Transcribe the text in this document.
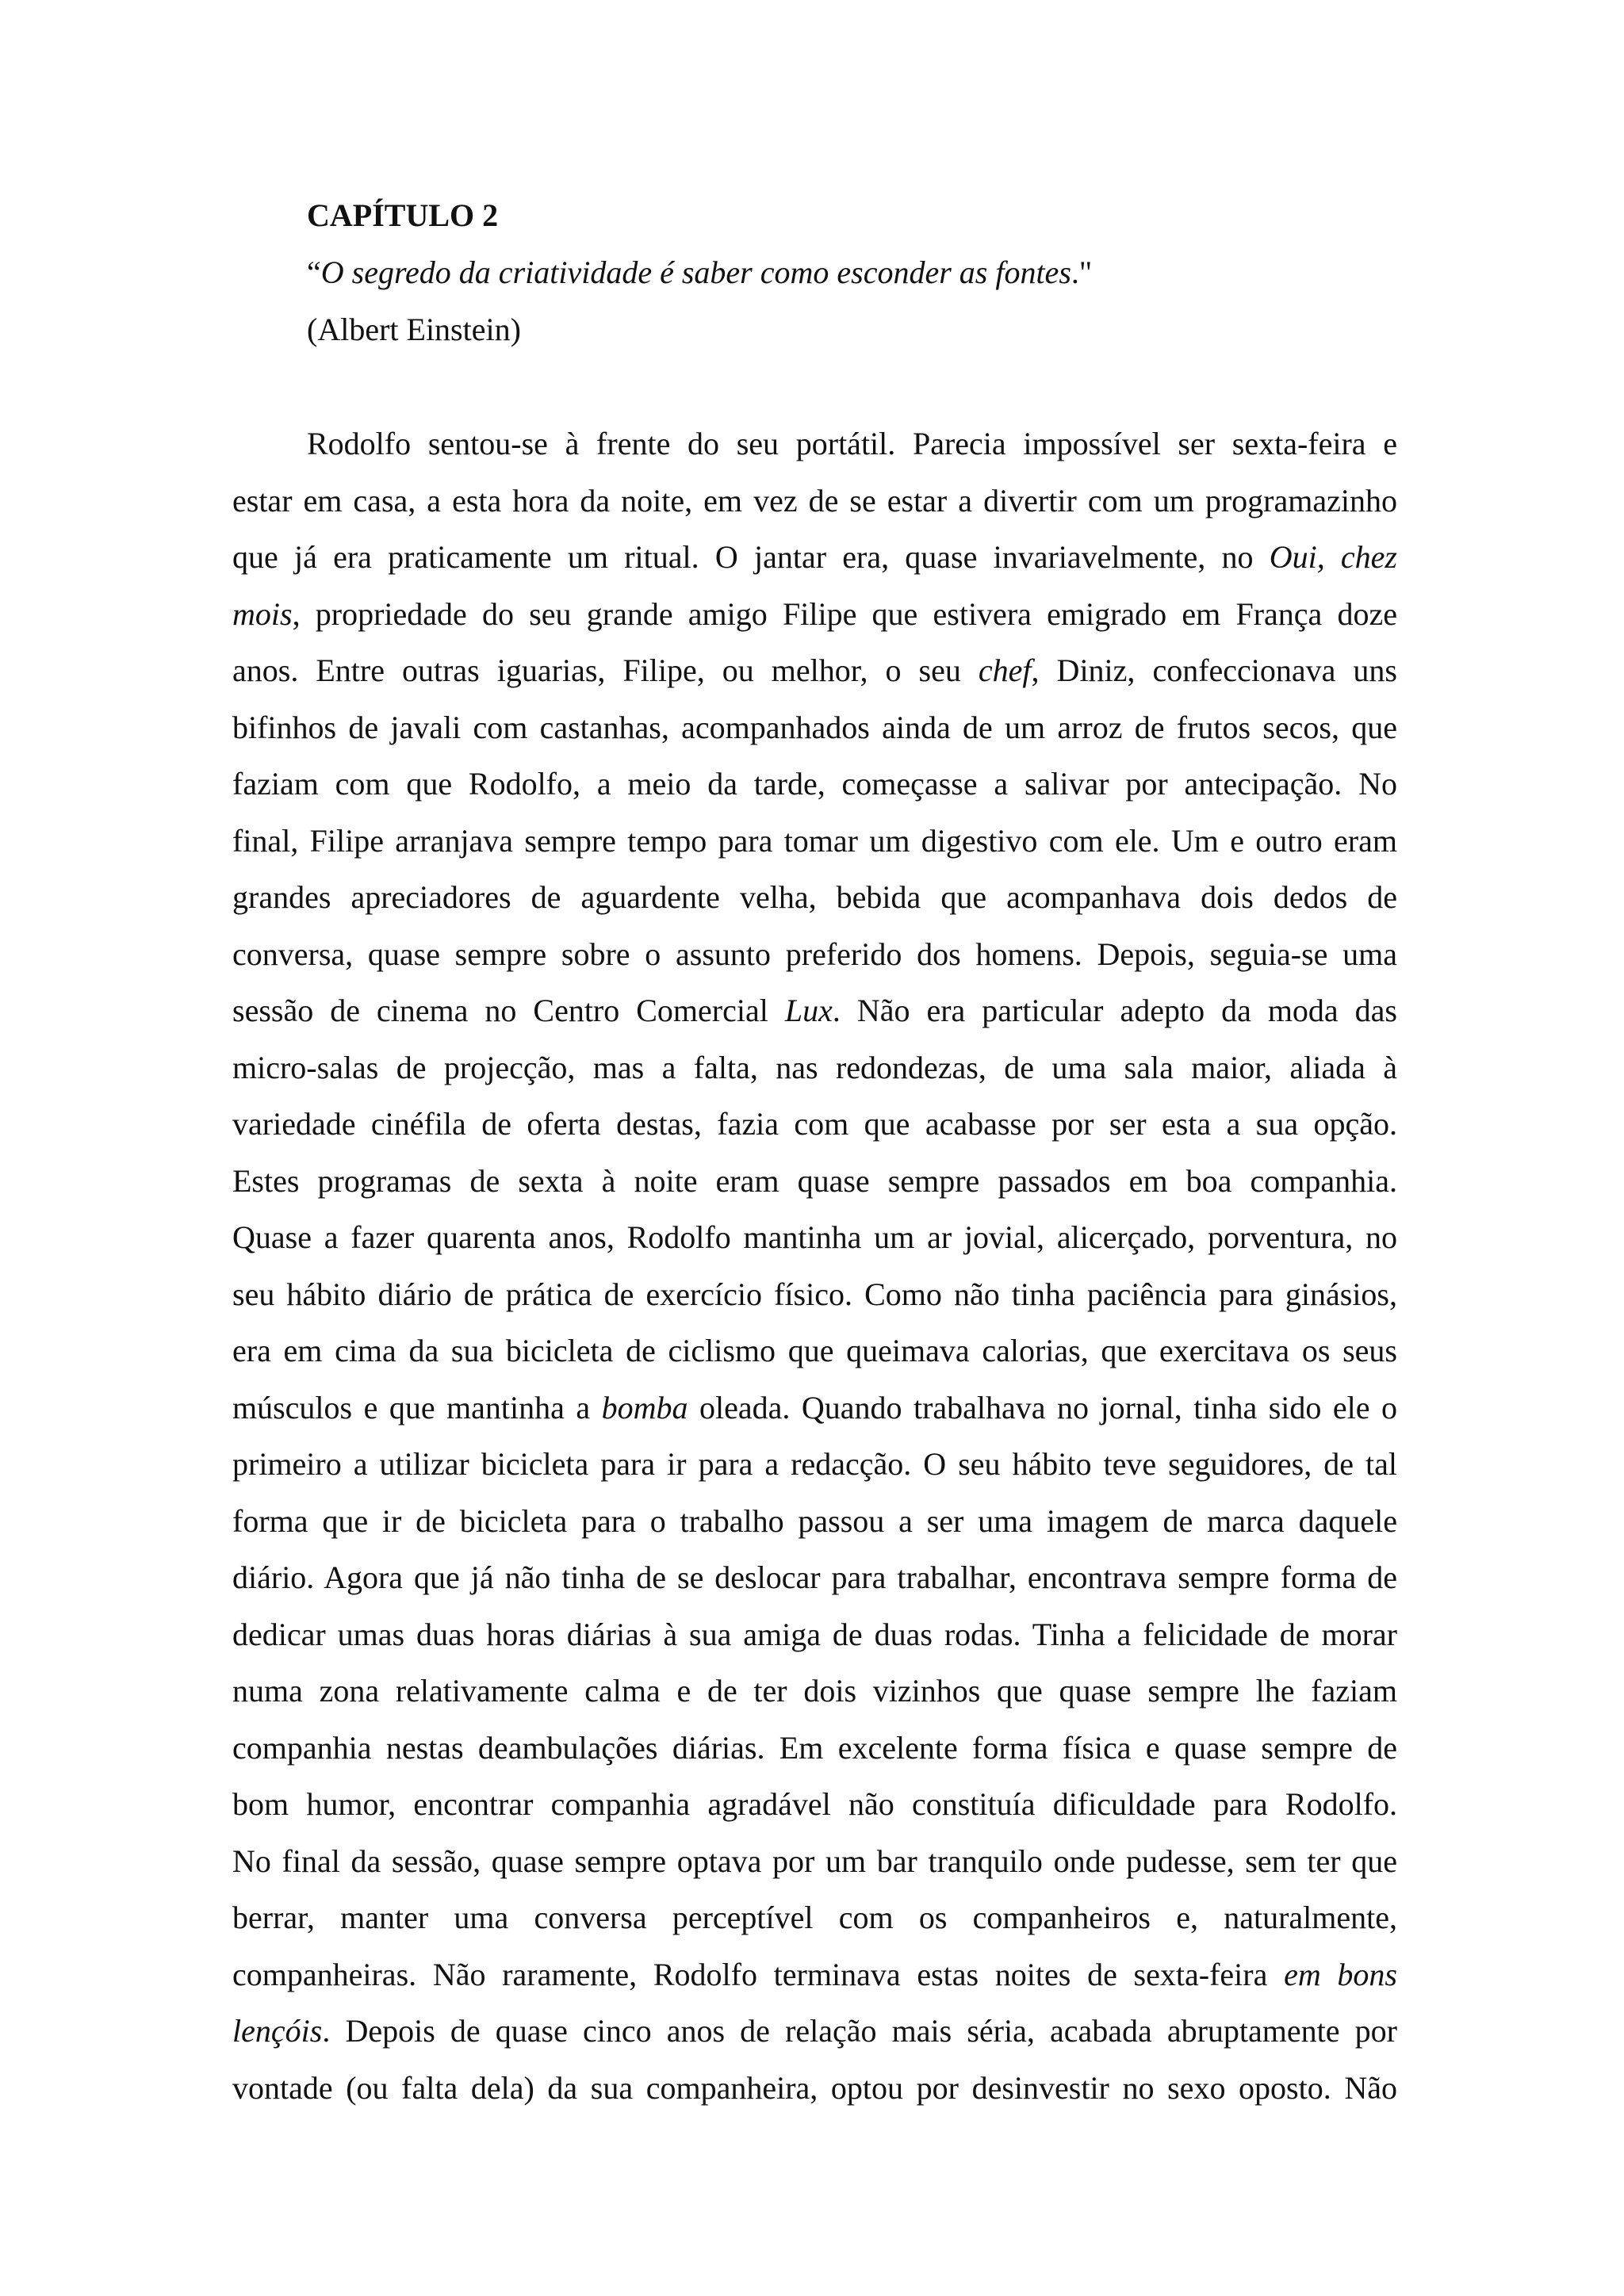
CAPÍTULO 2

“O segredo da criatividade é saber como esconder as fontes."

(Albert Einstein)

Rodolfo sentou-se à frente do seu portátil. Parecia impossível ser sexta-feira e
estar em casa, a esta hora da noite, em vez de se estar a divertir com um programazinho
que já era praticamente um ritual. O jantar era, quase invariavelmente, no Oui, chez
mois, propriedade do seu grande amigo Filipe que estivera emigrado em França doze
anos. Entre outras iguarias, Filipe, ou melhor, o seu chef, Diniz, confeccionava uns
bifinhos de javali com castanhas, acompanhados ainda de um arroz de frutos secos, que
faziam com que Rodolfo, a meio da tarde, começasse a salivar por antecipação. No
final, Filipe arranjava sempre tempo para tomar um digestivo com ele. Um e outro eram
grandes apreciadores de aguardente velha, bebida que acompanhava dois dedos de
conversa, quase sempre sobre o assunto preferido dos homens. Depois, seguia-se uma
sessão de cinema no Centro Comercial Lux. Não era particular adepto da moda das
micro-salas de projecção, mas a falta, nas redondezas, de uma sala maior, aliada à
variedade cinéfila de oferta destas, fazia com que acabasse por ser esta a sua opção.
Estes programas de sexta à noite eram quase sempre passados em boa companhia.
Quase a fazer quarenta anos, Rodolfo mantinha um ar jovial, alicerçado, porventura, no
seu hábito diário de prática de exercício físico. Como não tinha paciência para ginásios,
era em cima da sua bicicleta de ciclismo que queimava calorias, que exercitava os seus
músculos e que mantinha a bomba oleada. Quando trabalhava no jornal, tinha sido ele o
primeiro a utilizar bicicleta para ir para a redacção. O seu hábito teve seguidores, de tal
forma que ir de bicicleta para o trabalho passou a ser uma imagem de marca daquele
diário. Agora que já não tinha de se deslocar para trabalhar, encontrava sempre forma de
dedicar umas duas horas diárias à sua amiga de duas rodas. Tinha a felicidade de morar
numa zona relativamente calma e de ter dois vizinhos que quase sempre lhe faziam
companhia nestas deambulações diárias. Em excelente forma física e quase sempre de
bom humor, encontrar companhia agradável não constituía dificuldade para Rodolfo.
No final da sessão, quase sempre optava por um bar tranquilo onde pudesse, sem ter que
berrar, manter uma conversa perceptível com os companheiros e, naturalmente,
companheiras. Não raramente, Rodolfo terminava estas noites de sexta-feira em bons
lençóis. Depois de quase cinco anos de relação mais séria, acabada abruptamente por
vontade (ou falta dela) da sua companheira, optou por desinvestir no sexo oposto. Não
